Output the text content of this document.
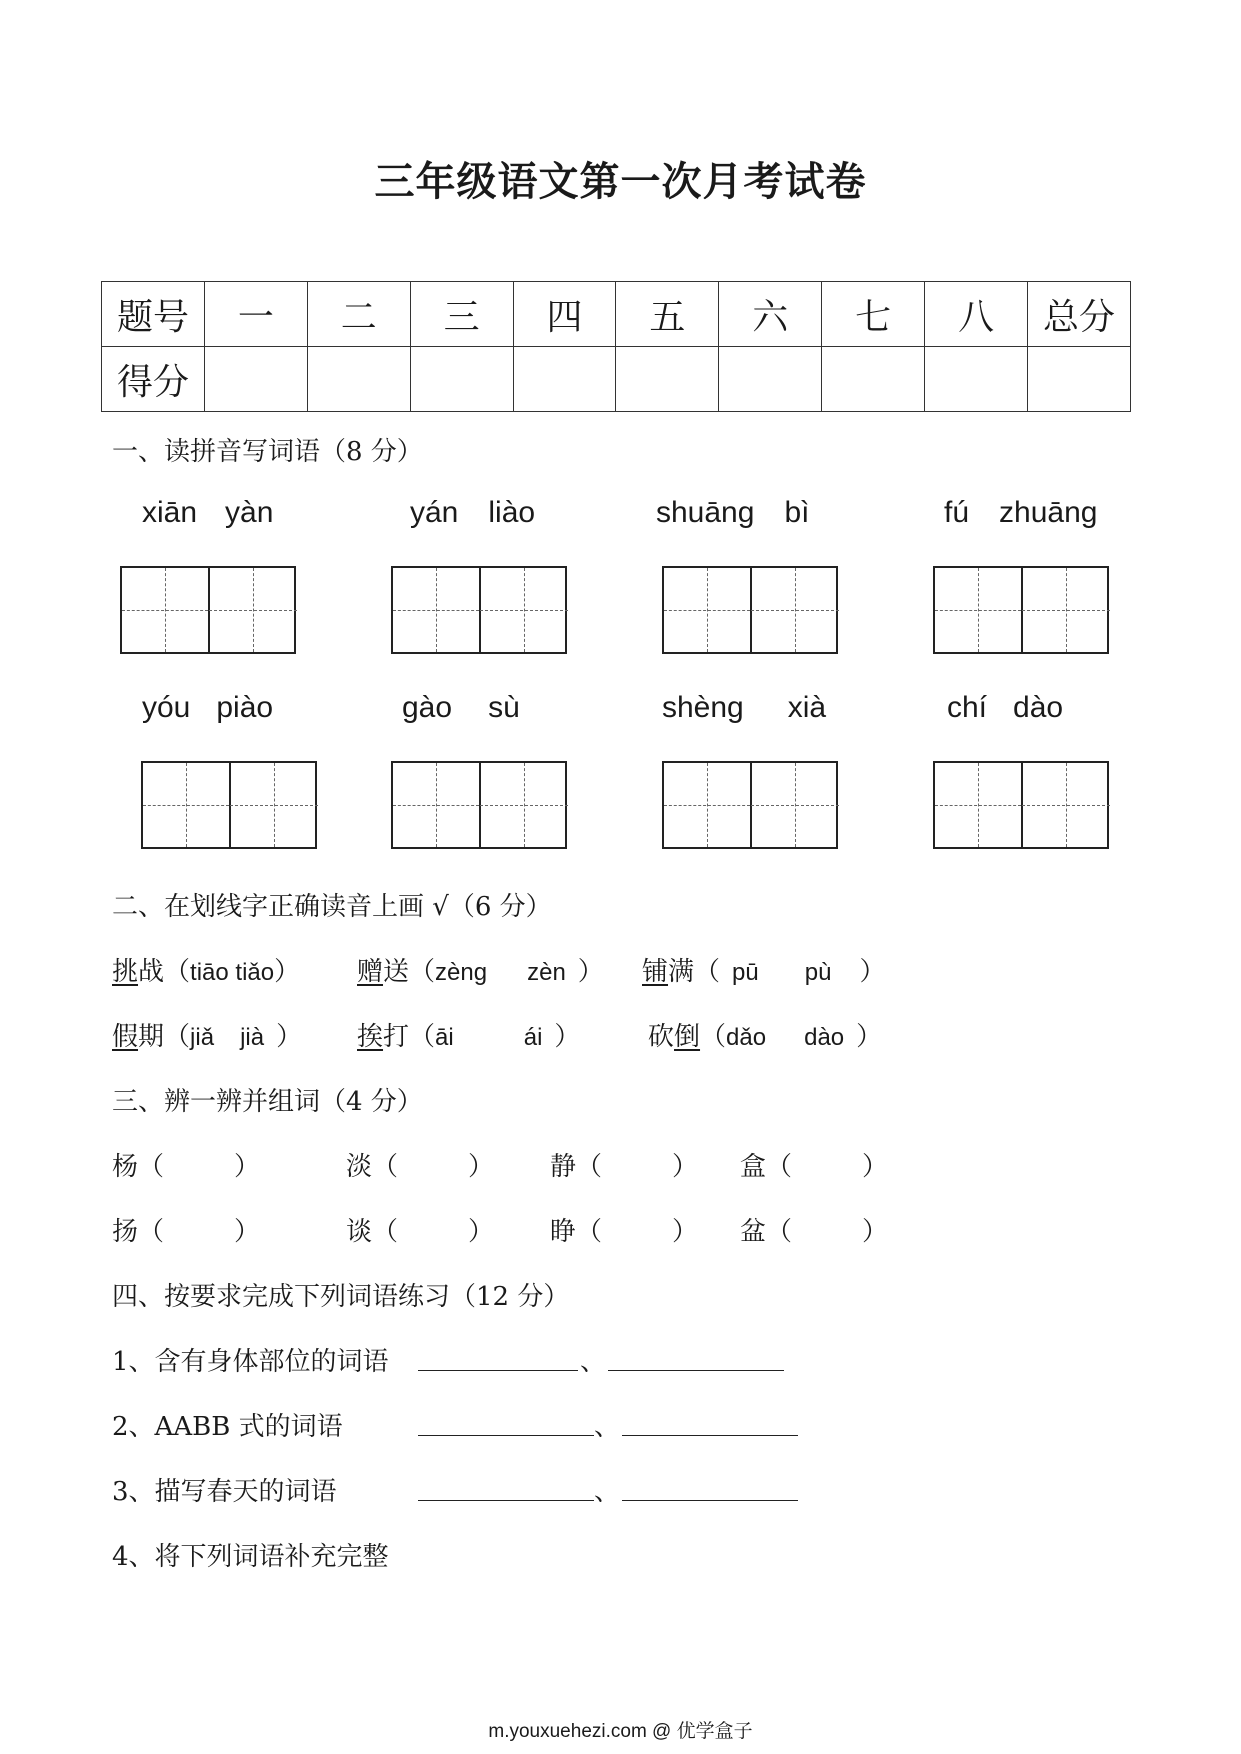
三年级语文第一次月考试卷
题号	一	二	三	四	五	六	七	八	总分
得分									
一、读拼音写词语（8 分）
xiān yàn	yán liào	shuāng bì	fú zhuāng
yóu piào	gào sù	shèng xià	chí dào
二、在划线字正确读音上画 √（6 分）
挑战（tiāo tiǎo） 赠送（zèng zèn ） 铺满（ pū pù ）
假期（jiǎ jià ） 挨打（āi	ái ）	砍倒（dǎo dào ）
三、辨一辨并组词（4 分）
杨（	）	淡（	） 静（	） 盒（	）
扬（	）	谈（	） 睁（	） 盆（	）
四、按要求完成下列词语练习（12 分）
1、含有身体部位的词语	、
2、AABB 式的词语	、
3、描写春天的词语	、
4、将下列词语补充完整
m.youxuehezi.com @ 优学盒子
